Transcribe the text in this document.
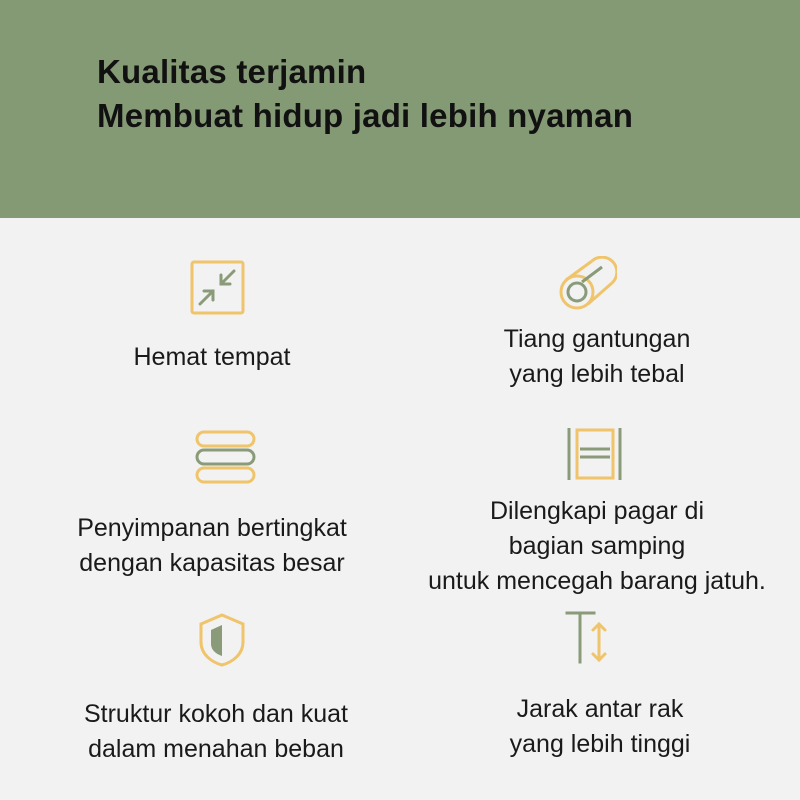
Kualitas terjamin
Membuat hidup jadi lebih nyaman
Hemat tempat
Tiang gantungan
yang lebih tebal
Penyimpanan bertingkat
dengan kapasitas besar
Dilengkapi pagar di
bagian samping
untuk mencegah barang jatuh.
Struktur kokoh dan kuat
dalam menahan beban
Jarak antar rak
yang lebih tinggi
